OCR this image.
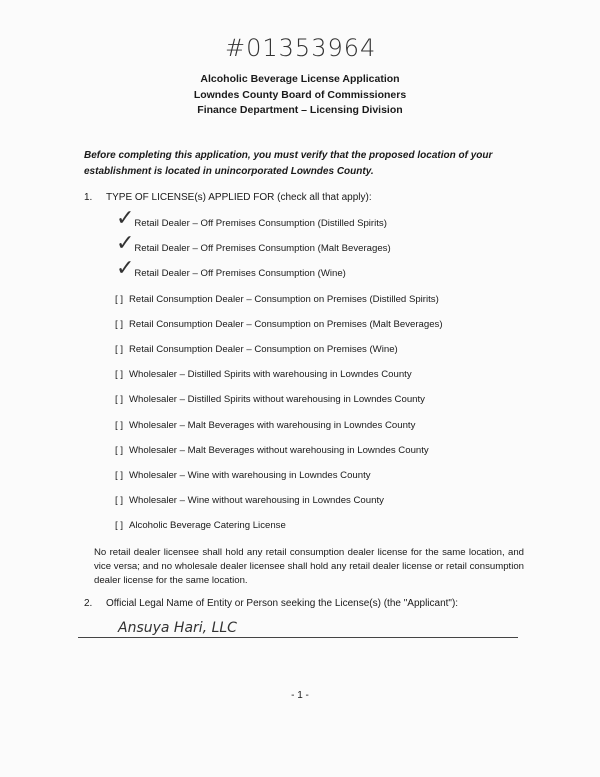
#01353964
Alcoholic Beverage License Application
Lowndes County Board of Commissioners
Finance Department – Licensing Division
Before completing this application, you must verify that the proposed location of your establishment is located in unincorporated Lowndes County.
1. TYPE OF LICENSE(s) APPLIED FOR (check all that apply):
Retail Dealer – Off Premises Consumption (Distilled Spirits)
✓
Retail Dealer – Off Premises Consumption (Malt Beverages)
✓
Retail Dealer – Off Premises Consumption (Wine)
✓
[ ] Retail Consumption Dealer – Consumption on Premises (Distilled Spirits)
[ ] Retail Consumption Dealer – Consumption on Premises (Malt Beverages)
[ ] Retail Consumption Dealer – Consumption on Premises (Wine)
[ ] Wholesaler – Distilled Spirits with warehousing in Lowndes County
[ ] Wholesaler – Distilled Spirits without warehousing in Lowndes County
[ ] Wholesaler – Malt Beverages with warehousing in Lowndes County
[ ] Wholesaler – Malt Beverages without warehousing in Lowndes County
[ ] Wholesaler – Wine with warehousing in Lowndes County
[ ] Wholesaler – Wine without warehousing in Lowndes County
[ ] Alcoholic Beverage Catering License
No retail dealer licensee shall hold any retail consumption dealer license for the same location, and vice versa; and no wholesale dealer licensee shall hold any retail dealer license or retail consumption dealer license for the same location.
2. Official Legal Name of Entity or Person seeking the License(s) (the "Applicant"):
Ansuya Hari, LLC
- 1 -
